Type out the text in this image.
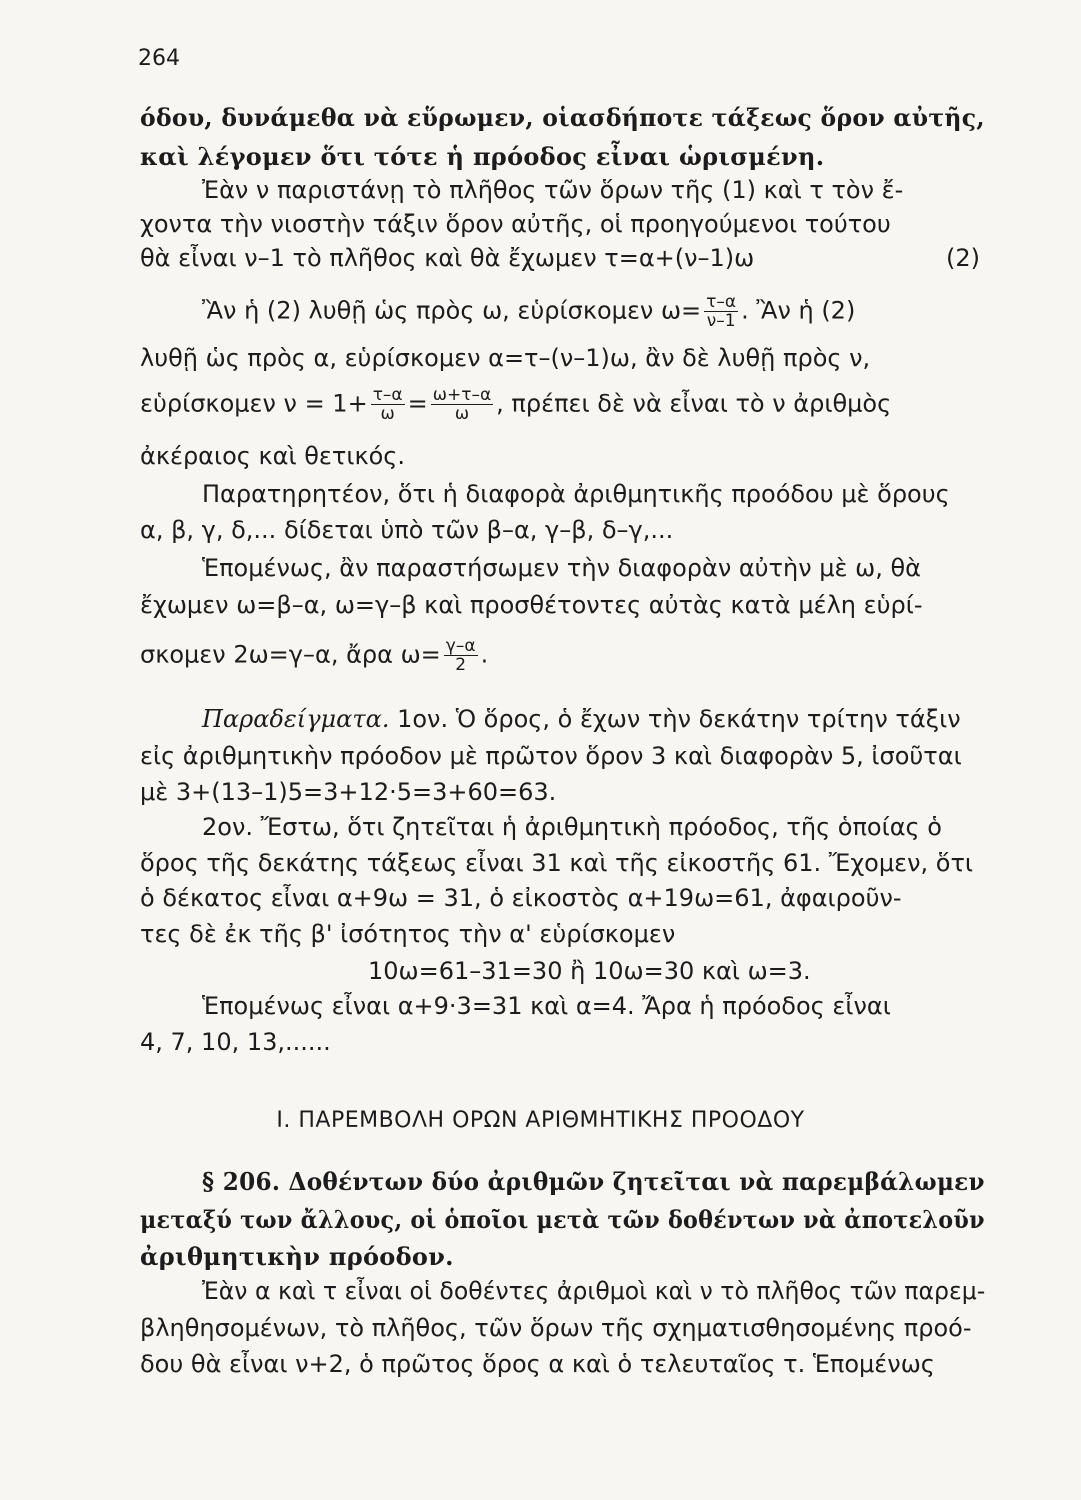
264
όδου, δυνάμεθα νὰ εὕρωμεν, οἱασδήποτε τάξεως ὅρον αὐτῆς,
καὶ λέγομεν ὅτι τότε ἡ πρόοδος εἶναι ὡρισμένη.
Ἐὰν ν παριστάνῃ τὸ πλῆθος τῶν ὅρων τῆς (1) καὶ τ τὸν ἔ-
χοντα τὴν νιοστὴν τάξιν ὅρον αὐτῆς, οἱ προηγούμενοι τούτου
θὰ εἶναι ν–1 τὸ πλῆθος καὶ θὰ ἔχωμεν τ=α+(ν–1)ω	(2)
Ἂν ἡ (2) λυθῇ ὡς πρὸς ω, εὑρίσκομεν $\omega= \frac{\tau-\alpha}{\nu-1}$ . Ἂν ἡ (2)
λυθῇ ὡς πρὸς α, εὑρίσκομεν α=τ–(ν–1)ω, ἂν δὲ λυθῇ πρὸς ν,
εὑρίσκομεν $\nu = 1+ \frac{\tau-\alpha}{\omega} = \frac{\omega+\tau-\alpha}{\omega}$ , πρέπει δὲ νὰ εἶναι τὸ ν ἀριθμὸς
ἀκέραιος καὶ θετικός.
Παρατηρητέον, ὅτι ἡ διαφορὰ ἀριθμητικῆς προόδου μὲ ὅρους
α, β, γ, δ,... δίδεται ὑπὸ τῶν β–α, γ–β, δ–γ,...
Ἑπομένως, ἂν παραστήσωμεν τὴν διαφορὰν αὐτὴν μὲ ω, θὰ
ἔχωμεν ω=β–α, ω=γ–β καὶ προσθέτοντες αὐτὰς κατὰ μέλη εὑρί-
σκομεν 2ω=γ–α, ἄρα $\omega= \frac{\gamma-\alpha}{2}$ .
Παραδείγματα. 1ον. Ὁ ὅρος, ὁ ἔχων τὴν δεκάτην τρίτην τάξιν
εἰς ἀριθμητικὴν πρόοδον μὲ πρῶτον ὅρον 3 καὶ διαφορὰν 5, ἰσοῦται
μὲ 3+(13–1)5=3+12·5=3+60=63.
2ον. Ἔστω, ὅτι ζητεῖται ἡ ἀριθμητικὴ πρόοδος, τῆς ὁποίας ὁ
ὅρος τῆς δεκάτης τάξεως εἶναι 31 καὶ τῆς εἰκοστῆς 61. Ἔχομεν, ὅτι
ὁ δέκατος εἶναι α+9ω = 31, ὁ εἰκοστὸς α+19ω=61, ἀφαιροῦν-
τες δὲ ἐκ τῆς β' ἰσότητος τὴν α' εὑρίσκομεν
10ω=61–31=30 ἢ 10ω=30 καὶ ω=3.
Ἑπομένως εἶναι α+9·3=31 καὶ α=4. Ἄρα ἡ πρόοδος εἶναι
4, 7, 10, 13,......
Ι. ΠΑΡΕΜΒΟΛΗ ΟΡΩΝ ΑΡΙΘΜΗΤΙΚΗΣ ΠΡΟΟΔΟΥ
§ 206. Δοθέντων δύο ἀριθμῶν ζητεῖται νὰ παρεμβάλωμεν
μεταξύ των ἄλλους, οἱ ὁποῖοι μετὰ τῶν δοθέντων νὰ ἀποτελοῦν
ἀριθμητικὴν πρόοδον.
Ἐὰν α καὶ τ εἶναι οἱ δοθέντες ἀριθμοὶ καὶ ν τὸ πλῆθος τῶν παρεμ-
βληθησομένων, τὸ πλῆθος, τῶν ὅρων τῆς σχηματισθησομένης προό-
δου θὰ εἶναι ν+2, ὁ πρῶτος ὅρος α καὶ ὁ τελευταῖος τ. Ἑπομένως
